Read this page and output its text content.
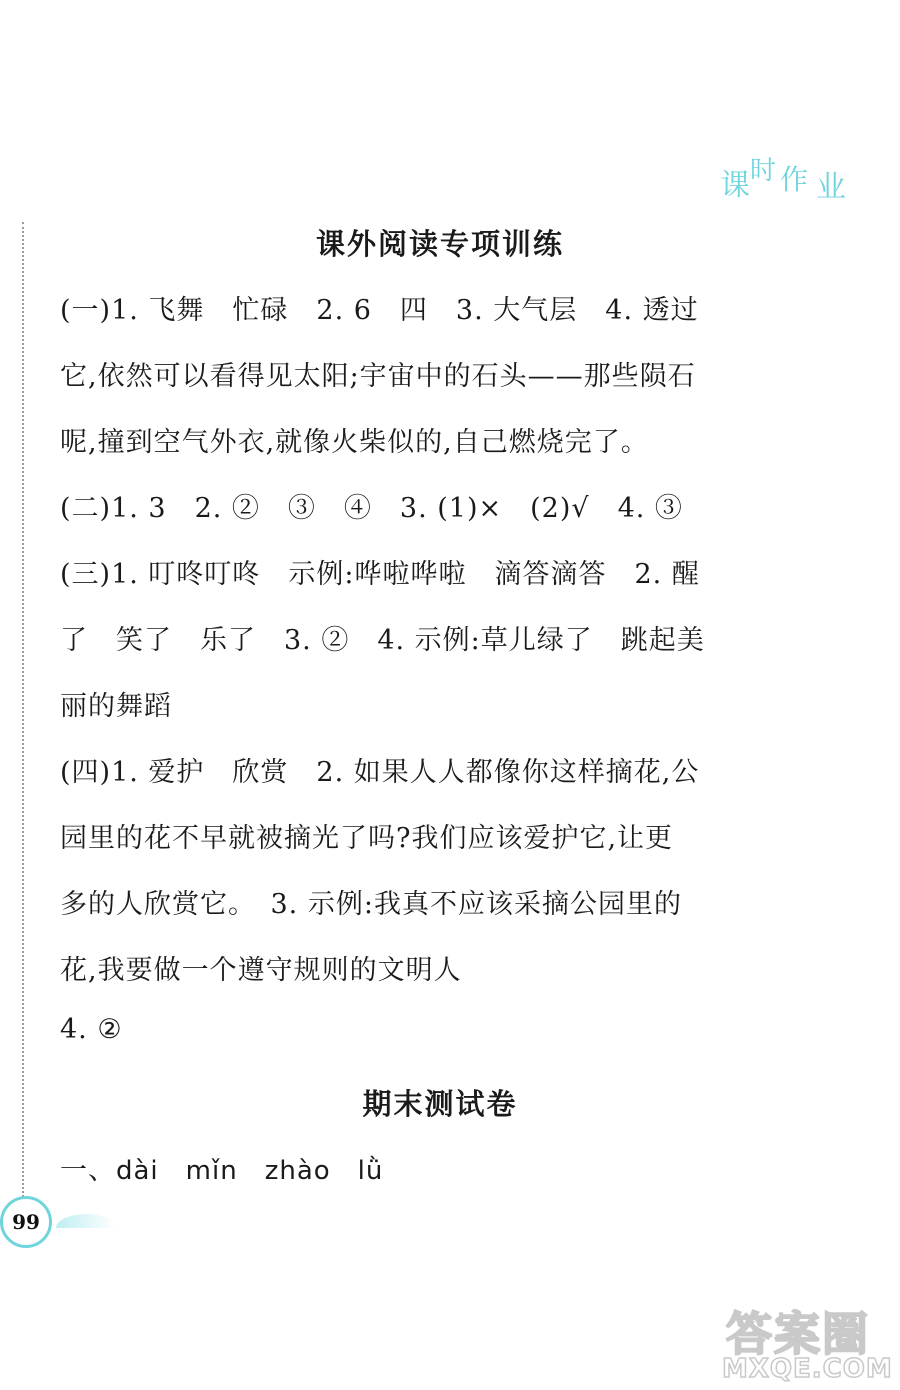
课
时 作 业
课外阅读专项训练
(一)1. 飞舞　忙碌　2. 6　四　3. 大气层　4. 透过
它,依然可以看得见太阳;宇宙中的石头——那些陨石
呢,撞到空气外衣,就像火柴似的,自己燃烧完了。
(二)1. 3　2. ②　③　④　3. (1)×　(2)√　4. ③
(三)1. 叮咚叮咚　示例:哗啦哗啦　滴答滴答　2. 醒
了　笑了　乐了　3. ②　4. 示例:草儿绿了　跳起美
丽的舞蹈
(四)1. 爱护　欣赏　2. 如果人人都像你这样摘花,公
园里的花不早就被摘光了吗?我们应该爱护它,让更
多的人欣赏它。　3. 示例:我真不应该采摘公园里的
花,我要做一个遵守规则的文明人
4. ②
期末测试卷
一、dài　mǐn　zhào　lǜ
99
答案圈
MXQE.COM
